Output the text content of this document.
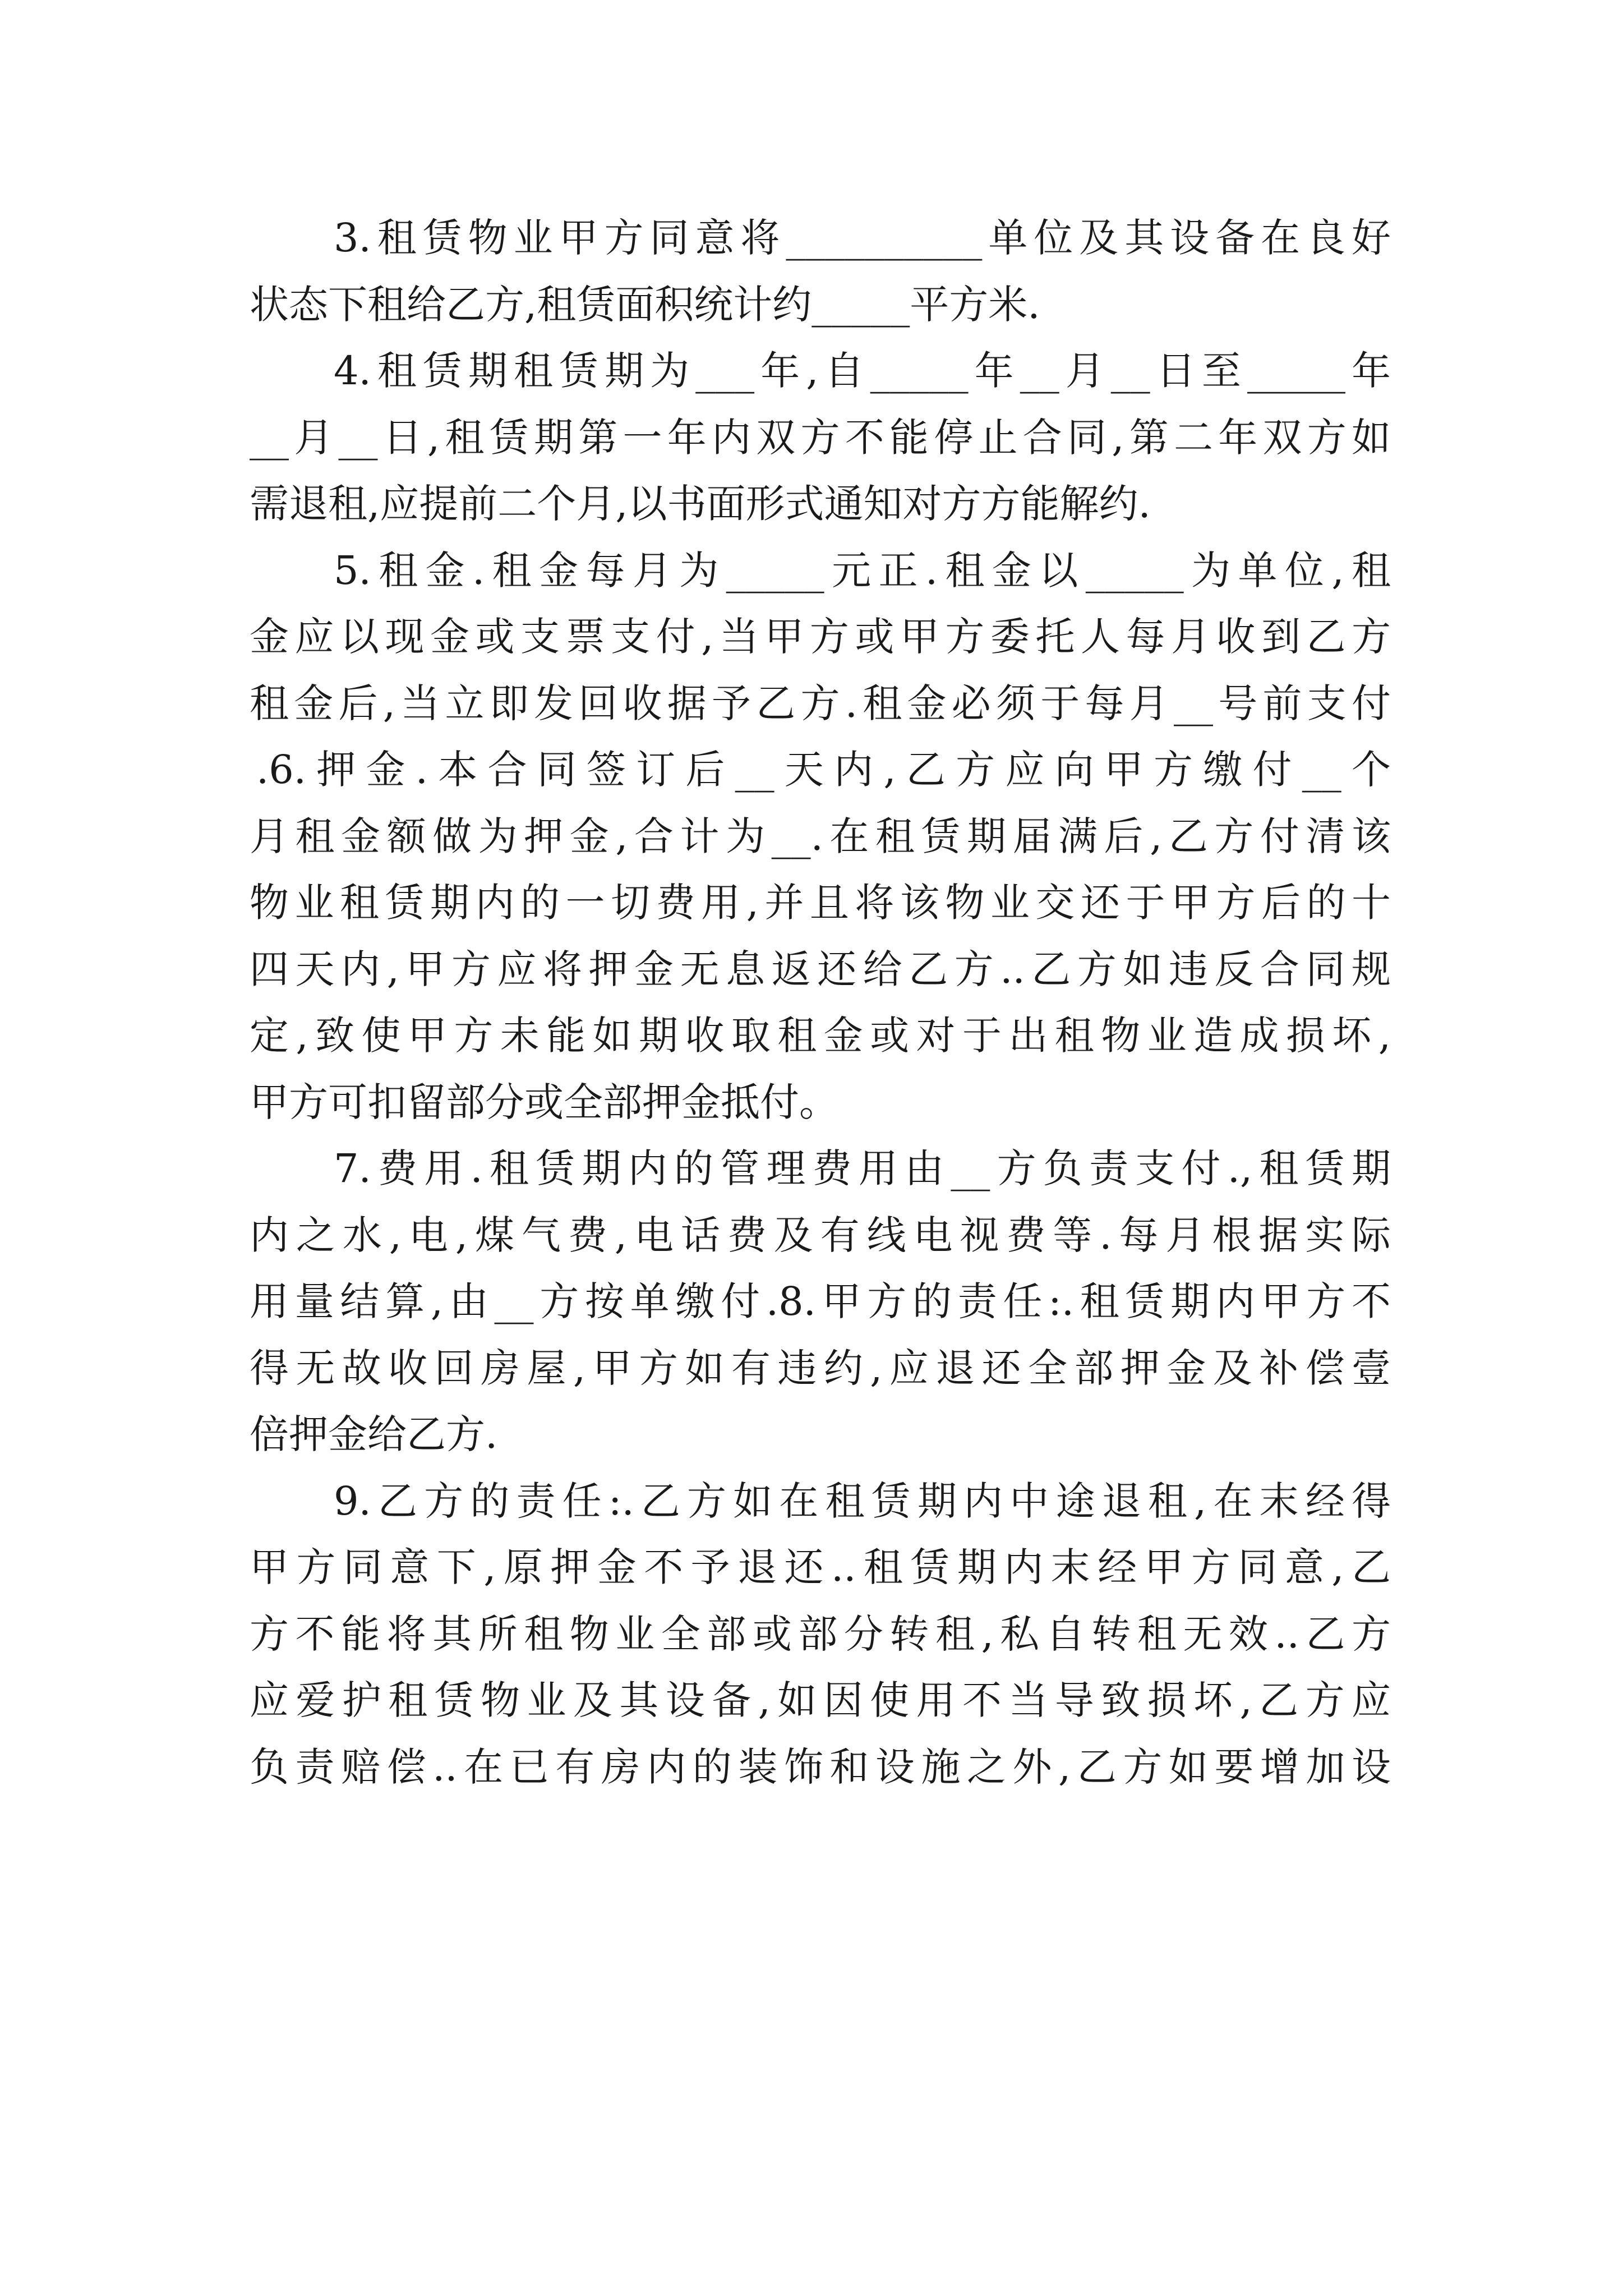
3.租赁物业甲方同意将__________单位及其设备在良好
状态下租给乙方,租赁面积统计约_____平方米.
4.租赁期租赁期为___年,自_____年__月__日至_____年
__月__日,租赁期第一年内双方不能停止合同,第二年双方如
需退租,应提前二个月,以书面形式通知对方方能解约.
5.租金.租金每月为_____元正.租金以_____为单位,租
金应以现金或支票支付,当甲方或甲方委托人每月收到乙方
租金后,当立即发回收据予乙方.租金必须于每月__号前支付
.6.押金.本合同签订后__天内,乙方应向甲方缴付__个
月租金额做为押金,合计为__.在租赁期届满后,乙方付清该
物业租赁期内的一切费用,并且将该物业交还于甲方后的十
四天内,甲方应将押金无息返还给乙方..乙方如违反合同规
定,致使甲方未能如期收取租金或对于出租物业造成损坏,
甲方可扣留部分或全部押金抵付。
7.费用.租赁期内的管理费用由__方负责支付.,租赁期
内之水,电,煤气费,电话费及有线电视费等.每月根据实际
用量结算,由__方按单缴付.8.甲方的责任:.租赁期内甲方不
得无故收回房屋,甲方如有违约,应退还全部押金及补偿壹
倍押金给乙方.
9.乙方的责任:.乙方如在租赁期内中途退租,在末经得
甲方同意下,原押金不予退还..租赁期内末经甲方同意,乙
方不能将其所租物业全部或部分转租,私自转租无效..乙方
应爱护租赁物业及其设备,如因使用不当导致损坏,乙方应
负责赔偿..在已有房内的装饰和设施之外,乙方如要增加设
